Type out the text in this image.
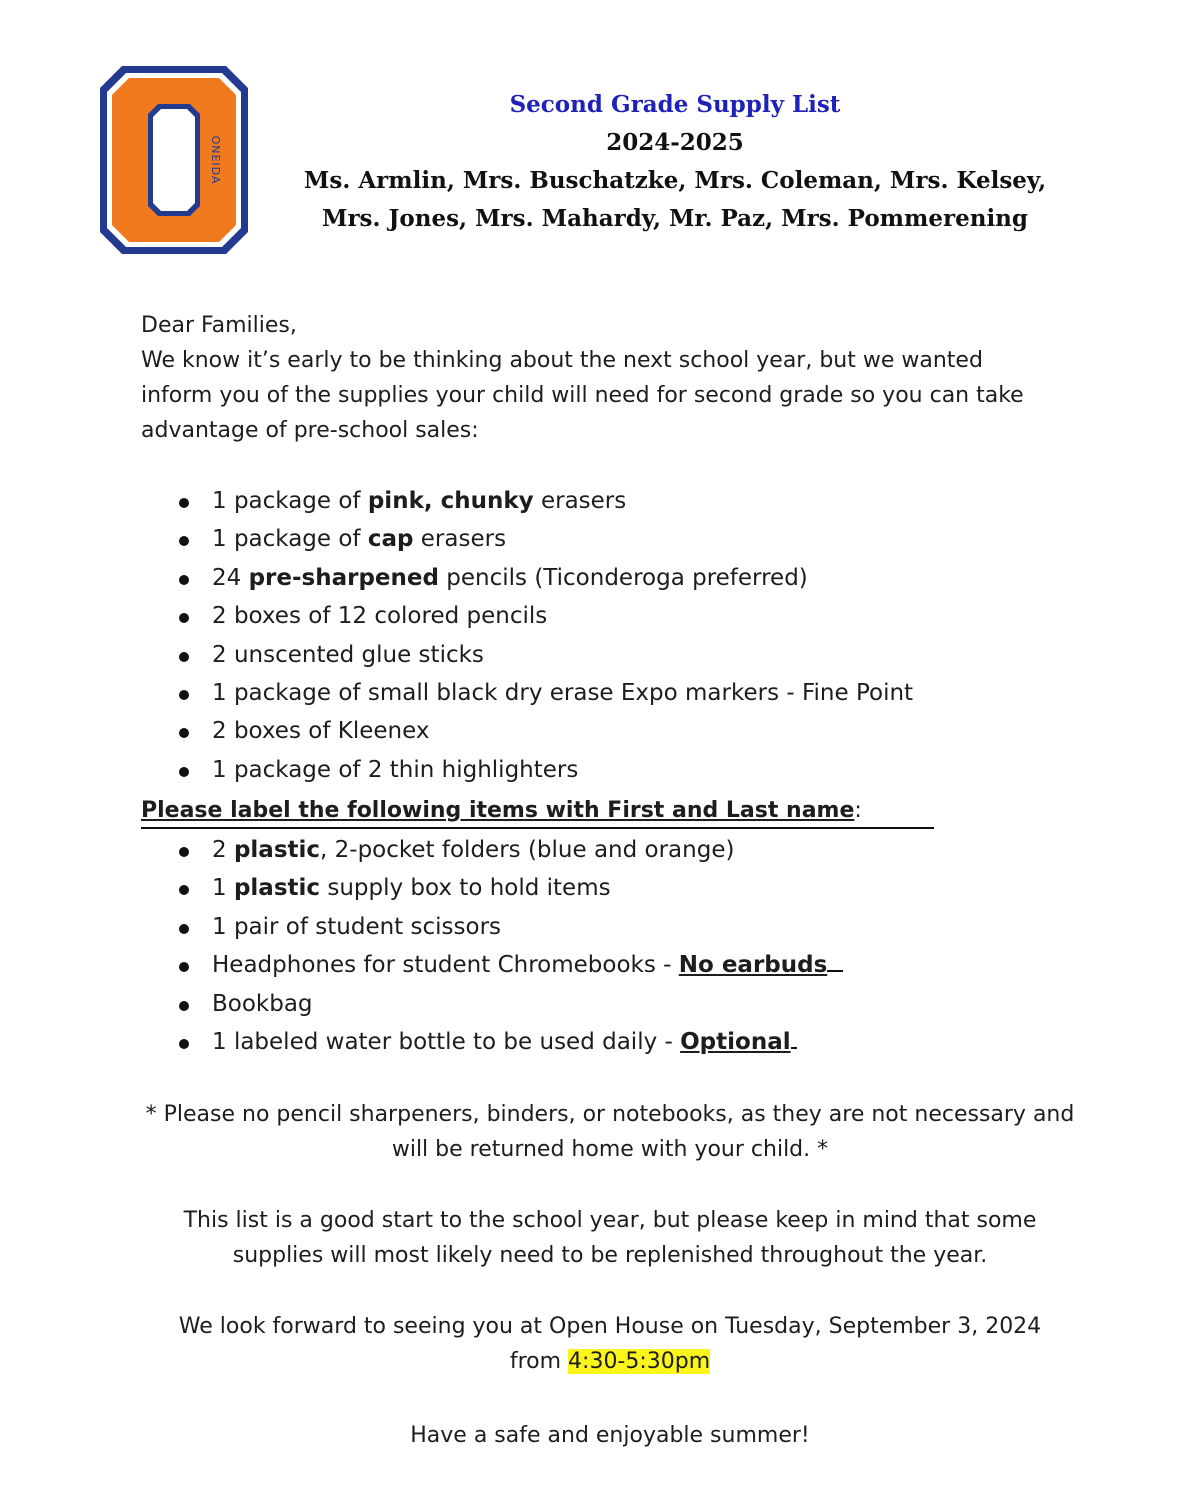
ONEIDA
Second Grade Supply List
2024-2025
Ms. Armlin, Mrs. Buschatzke, Mrs. Coleman, Mrs. Kelsey,
Mrs. Jones, Mrs. Mahardy, Mr. Paz, Mrs. Pommerening
Dear Families,
We know it’s early to be thinking about the next school year, but we wanted inform you of the supplies your child will need for second grade so you can take advantage of pre-school sales:
1 package of pink, chunky erasers
1 package of cap erasers
24 pre-sharpened pencils (Ticonderoga preferred)
2 boxes of 12 colored pencils
2 unscented glue sticks
1 package of small black dry erase Expo markers - Fine Point
2 boxes of Kleenex
1 package of 2 thin highlighters
Please label the following items with First and Last name:
2 plastic, 2-pocket folders (blue and orange)
1 plastic supply box to hold items
1 pair of student scissors
Headphones for student Chromebooks - No earbuds
Bookbag
1 labeled water bottle to be used daily - Optional

* Please no pencil sharpeners, binders, or notebooks, as they are not necessary and will be returned home with your child. *

This list is a good start to the school year, but please keep in mind that some supplies will most likely need to be replenished throughout the year.

We look forward to seeing you at Open House on Tuesday, September 3, 2024
from 4:30-5:30pm

Have a safe and enjoyable summer!
